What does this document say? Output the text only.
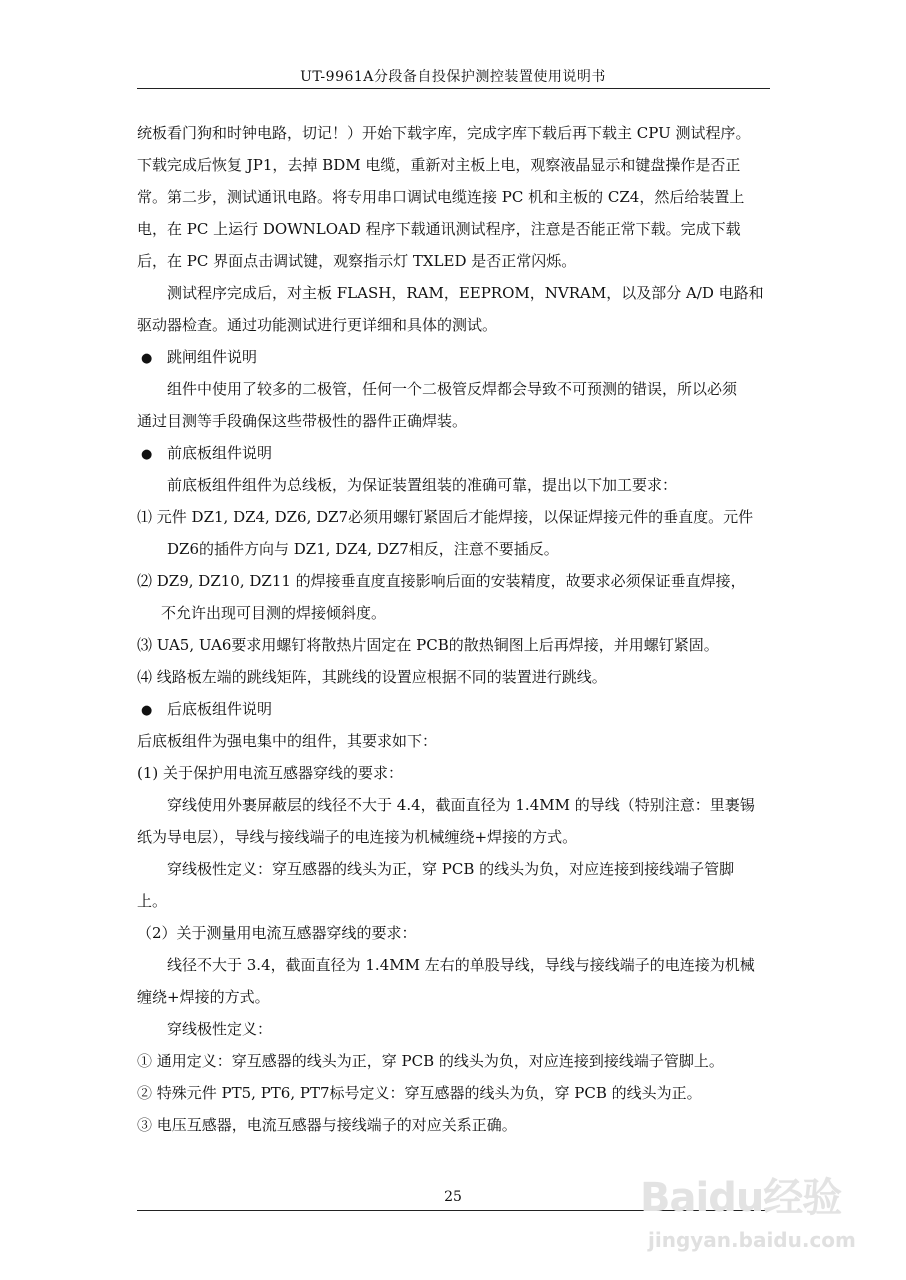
UT-9961A分段备自投保护测控装置使用说明书
统板看门狗和时钟电路，切记！）开始下载字库，完成字库下载后再下载主 CPU 测试程序。
下载完成后恢复 JP1，去掉 BDM 电缆，重新对主板上电，观察液晶显示和键盘操作是否正
常。第二步，测试通讯电路。将专用串口调试电缆连接 PC 机和主板的 CZ4，然后给装置上
电，在 PC 上运行 DOWNLOAD 程序下载通讯测试程序，注意是否能正常下载。完成下载
后，在 PC 界面点击调试键，观察指示灯 TXLED 是否正常闪烁。
测试程序完成后，对主板 FLASH，RAM，EEPROM，NVRAM，以及部分 A/D 电路和
驱动器检查。通过功能测试进行更详细和具体的测试。
● 跳闸组件说明
组件中使用了较多的二极管，任何一个二极管反焊都会导致不可预测的错误，所以必须
通过目测等手段确保这些带极性的器件正确焊装。
● 前底板组件说明
前底板组件组件为总线板，为保证装置组装的准确可靠，提出以下加工要求：
⑴ 元件 DZ1, DZ4, DZ6, DZ7必须用螺钉紧固后才能焊接，以保证焊接元件的垂直度。元件
DZ6的插件方向与 DZ1, DZ4, DZ7相反，注意不要插反。
⑵ DZ9, DZ10, DZ11 的焊接垂直度直接影响后面的安装精度，故要求必须保证垂直焊接，
不允许出现可目测的焊接倾斜度。
⑶ UA5, UA6要求用螺钉将散热片固定在 PCB的散热铜图上后再焊接，并用螺钉紧固。
⑷ 线路板左端的跳线矩阵，其跳线的设置应根据不同的装置进行跳线。
● 后底板组件说明
后底板组件为强电集中的组件，其要求如下：
(1) 关于保护用电流互感器穿线的要求：
穿线使用外裹屏蔽层的线径不大于 4.4，截面直径为 1.4MM 的导线（特别注意：里裹锡
纸为导电层），导线与接线端子的电连接为机械缠绕+焊接的方式。
穿线极性定义：穿互感器的线头为正，穿 PCB 的线头为负，对应连接到接线端子管脚
上。
（2）关于测量用电流互感器穿线的要求：
线径不大于 3.4，截面直径为 1.4MM 左右的单股导线，导线与接线端子的电连接为机械
缠绕+焊接的方式。
穿线极性定义：
① 通用定义：穿互感器的线头为正，穿 PCB 的线头为负，对应连接到接线端子管脚上。
② 特殊元件 PT5, PT6, PT7标号定义：穿互感器的线头为负，穿 PCB 的线头为正。
③ 电压互感器，电流互感器与接线端子的对应关系正确。
25	Baidu经验
jingyan.baidu.com
